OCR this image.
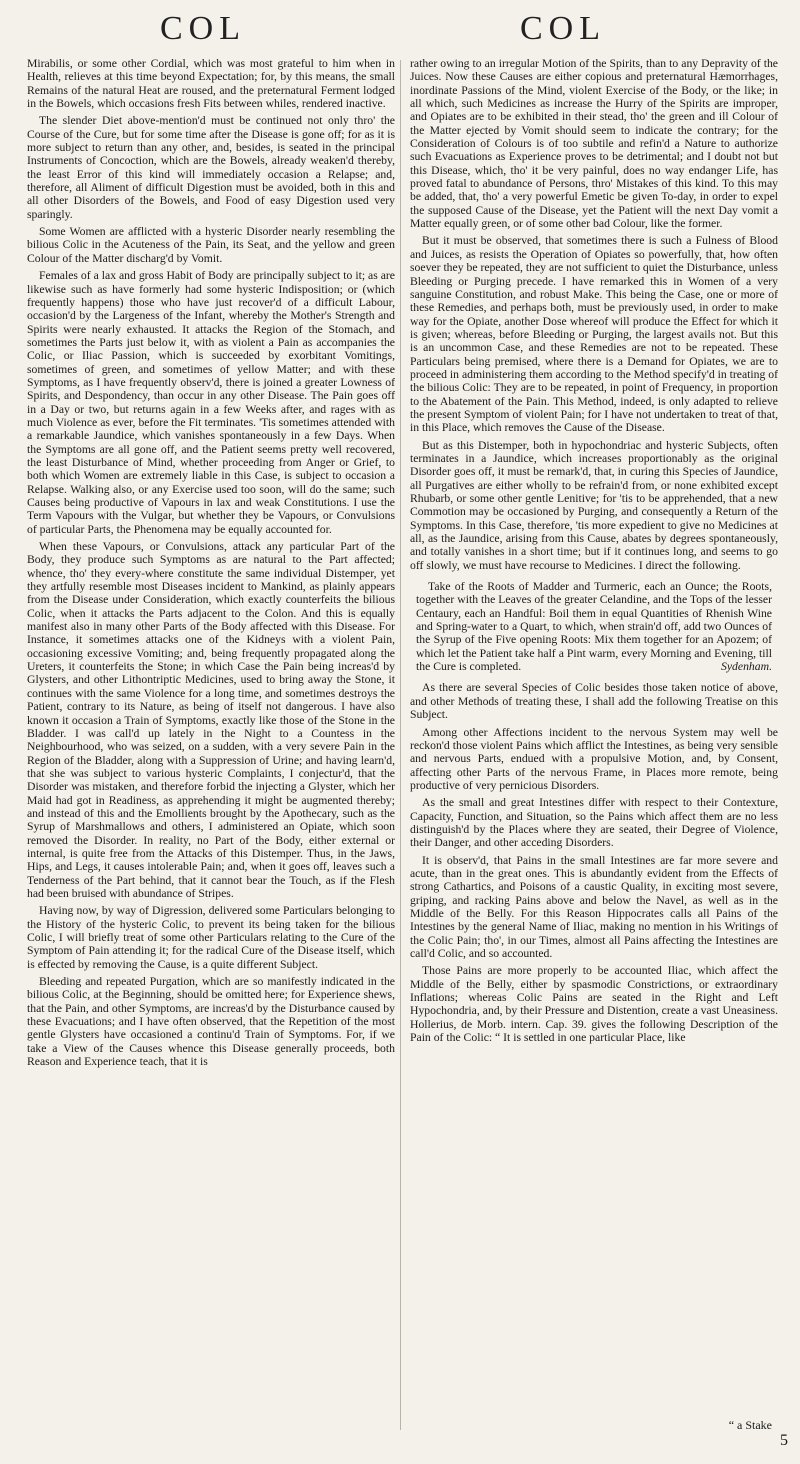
COL	COL

Mirabilis, or some other Cordial, which was most grateful to him when in Health, relieves at this time beyond Expectation; for, by this means, the small Remains of the natural Heat are roused, and the preternatural Ferment lodged in the Bowels, which occasions fresh Fits between whiles, rendered inactive.

The slender Diet above-mention'd must be continued not only thro' the Course of the Cure, but for some time after the Disease is gone off; for as it is more subject to return than any other, and, besides, is seated in the principal Instruments of Concoction, which are the Bowels, already weaken'd thereby, the least Error of this kind will immediately occasion a Relapse; and, therefore, all Aliment of difficult Digestion must be avoided, both in this and all other Disorders of the Bowels, and Food of easy Digestion used very sparingly.

Some Women are afflicted with a hysteric Disorder nearly resembling the bilious Colic in the Acuteness of the Pain, its Seat, and the yellow and green Colour of the Matter discharg'd by Vomit.

Females of a lax and gross Habit of Body are principally subject to it; as are likewise such as have formerly had some hysteric Indisposition; or (which frequently happens) those who have just recover'd of a difficult Labour, occasion'd by the Largeness of the Infant, whereby the Mother's Strength and Spirits were nearly exhausted. It attacks the Region of the Stomach, and sometimes the Parts just below it, with as violent a Pain as accompanies the Colic, or Iliac Passion, which is succeeded by exorbitant Vomitings, sometimes of green, and sometimes of yellow Matter; and with these Symptoms, as I have frequently observ'd, there is joined a greater Lowness of Spirits, and Despondency, than occur in any other Disease. The Pain goes off in a Day or two, but returns again in a few Weeks after, and rages with as much Violence as ever, before the Fit terminates. 'Tis sometimes attended with a remarkable Jaundice, which vanishes spontaneously in a few Days. When the Symptoms are all gone off, and the Patient seems pretty well recovered, the least Disturbance of Mind, whether proceeding from Anger or Grief, to both which Women are extremely liable in this Case, is subject to occasion a Relapse. Walking also, or any Exercise used too soon, will do the same; such Causes being productive of Vapours in lax and weak Constitutions. I use the Term Vapours with the Vulgar, but whether they be Vapours, or Convulsions of particular Parts, the Phenomena may be equally accounted for.

When these Vapours, or Convulsions, attack any particular Part of the Body, they produce such Symptoms as are natural to the Part affected; whence, tho' they every-where constitute the same individual Distemper, yet they artfully resemble most Diseases incident to Mankind, as plainly appears from the Disease under Consideration, which exactly counterfeits the bilious Colic, when it attacks the Parts adjacent to the Colon. And this is equally manifest also in many other Parts of the Body affected with this Disease. For Instance, it sometimes attacks one of the Kidneys with a violent Pain, occasioning excessive Vomiting; and, being frequently propagated along the Ureters, it counterfeits the Stone; in which Case the Pain being increas'd by Glysters, and other Lithontriptic Medicines, used to bring away the Stone, it continues with the same Violence for a long time, and sometimes destroys the Patient, contrary to its Nature, as being of itself not dangerous. I have also known it occasion a Train of Symptoms, exactly like those of the Stone in the Bladder. I was call'd up lately in the Night to a Countess in the Neighbourhood, who was seized, on a sudden, with a very severe Pain in the Region of the Bladder, along with a Suppression of Urine; and having learn'd, that she was subject to various hysteric Complaints, I conjectur'd, that the Disorder was mistaken, and therefore forbid the injecting a Glyster, which her Maid had got in Readiness, as apprehending it might be augmented thereby; and instead of this and the Emollients brought by the Apothecary, such as the Syrup of Marshmallows and others, I administered an Opiate, which soon removed the Disorder. In reality, no Part of the Body, either external or internal, is quite free from the Attacks of this Distemper. Thus, in the Jaws, Hips, and Legs, it causes intolerable Pain; and, when it goes off, leaves such a Tenderness of the Part behind, that it cannot bear the Touch, as if the Flesh had been bruised with abundance of Stripes.

Having now, by way of Digression, delivered some Particulars belonging to the History of the hysteric Colic, to prevent its being taken for the bilious Colic, I will briefly treat of some other Particulars relating to the Cure of the Symptom of Pain attending it; for the radical Cure of the Disease itself, which is effected by removing the Cause, is a quite different Subject.

Bleeding and repeated Purgation, which are so manifestly indicated in the bilious Colic, at the Beginning, should be omitted here; for Experience shews, that the Pain, and other Symptoms, are increas'd by the Disturbance caused by these Evacuations; and I have often observed, that the Repetition of the most gentle Glysters have occasioned a continu'd Train of Symptoms. For, if we take a View of the Causes whence this Disease generally proceeds, both Reason and Experience teach, that it is

rather owing to an irregular Motion of the Spirits, than to any Depravity of the Juices. Now these Causes are either copious and preternatural Hæmorrhages, inordinate Passions of the Mind, violent Exercise of the Body, or the like; in all which, such Medicines as increase the Hurry of the Spirits are improper, and Opiates are to be exhibited in their stead, tho' the green and ill Colour of the Matter ejected by Vomit should seem to indicate the contrary; for the Consideration of Colours is of too subtile and refin'd a Nature to authorize such Evacuations as Experience proves to be detrimental; and I doubt not but this Disease, which, tho' it be very painful, does no way endanger Life, has proved fatal to abundance of Persons, thro' Mistakes of this kind. To this may be added, that, tho' a very powerful Emetic be given To-day, in order to expel the supposed Cause of the Disease, yet the Patient will the next Day vomit a Matter equally green, or of some other bad Colour, like the former.

But it must be observed, that sometimes there is such a Fulness of Blood and Juices, as resists the Operation of Opiates so powerfully, that, how often soever they be repeated, they are not sufficient to quiet the Disturbance, unless Bleeding or Purging precede. I have remarked this in Women of a very sanguine Constitution, and robust Make. This being the Case, one or more of these Remedies, and perhaps both, must be previously used, in order to make way for the Opiate, another Dose whereof will produce the Effect for which it is given; whereas, before Bleeding or Purging, the largest avails not. But this is an uncommon Case, and these Remedies are not to be repeated. These Particulars being premised, where there is a Demand for Opiates, we are to proceed in administering them according to the Method specify'd in treating of the bilious Colic: They are to be repeated, in point of Frequency, in proportion to the Abatement of the Pain. This Method, indeed, is only adapted to relieve the present Symptom of violent Pain; for I have not undertaken to treat of that, in this Place, which removes the Cause of the Disease.

But as this Distemper, both in hypochondriac and hysteric Subjects, often terminates in a Jaundice, which increases proportionably as the original Disorder goes off, it must be remark'd, that, in curing this Species of Jaundice, all Purgatives are either wholly to be refrain'd from, or none exhibited except Rhubarb, or some other gentle Lenitive; for 'tis to be apprehended, that a new Commotion may be occasioned by Purging, and consequently a Return of the Symptoms. In this Case, therefore, 'tis more expedient to give no Medicines at all, as the Jaundice, arising from this Cause, abates by degrees spontaneously, and totally vanishes in a short time; but if it continues long, and seems to go off slowly, we must have recourse to Medicines. I direct the following.

Take of the Roots of Madder and Turmeric, each an Ounce; the Roots, together with the Leaves of the greater Celandine, and the Tops of the lesser Centaury, each an Handful: Boil them in equal Quantities of Rhenish Wine and Spring-water to a Quart, to which, when strain'd off, add two Ounces of the Syrup of the Five opening Roots: Mix them together for an Apozem; of which let the Patient take half a Pint warm, every Morning and Evening, till the Cure is completed.	Sydenham.

As there are several Species of Colic besides those taken notice of above, and other Methods of treating these, I shall add the following Treatise on this Subject.

Among other Affections incident to the nervous System may well be reckon'd those violent Pains which afflict the Intestines, as being very sensible and nervous Parts, endued with a propulsive Motion, and, by Consent, affecting other Parts of the nervous Frame, in Places more remote, being productive of very pernicious Disorders.

As the small and great Intestines differ with respect to their Contexture, Capacity, Function, and Situation, so the Pains which affect them are no less distinguish'd by the Places where they are seated, their Degree of Violence, their Danger, and other acceding Disorders.

It is observ'd, that Pains in the small Intestines are far more severe and acute, than in the great ones. This is abundantly evident from the Effects of strong Cathartics, and Poisons of a caustic Quality, in exciting most severe, griping, and racking Pains above and below the Navel, as well as in the Middle of the Belly. For this Reason Hippocrates calls all Pains of the Intestines by the general Name of Iliac, making no mention in his Writings of the Colic Pain; tho', in our Times, almost all Pains affecting the Intestines are call'd Colic, and so accounted.

Those Pains are more properly to be accounted Iliac, which affect the Middle of the Belly, either by spasmodic Constrictions, or extraordinary Inflations; whereas Colic Pains are seated in the Right and Left Hypochondria, and, by their Pressure and Distention, create a vast Uneasiness. Hollerius, de Morb. intern. Cap. 39. gives the following Description of the Pain of the Colic: “ It is settled in one particular Place, like

“ a Stake
5
